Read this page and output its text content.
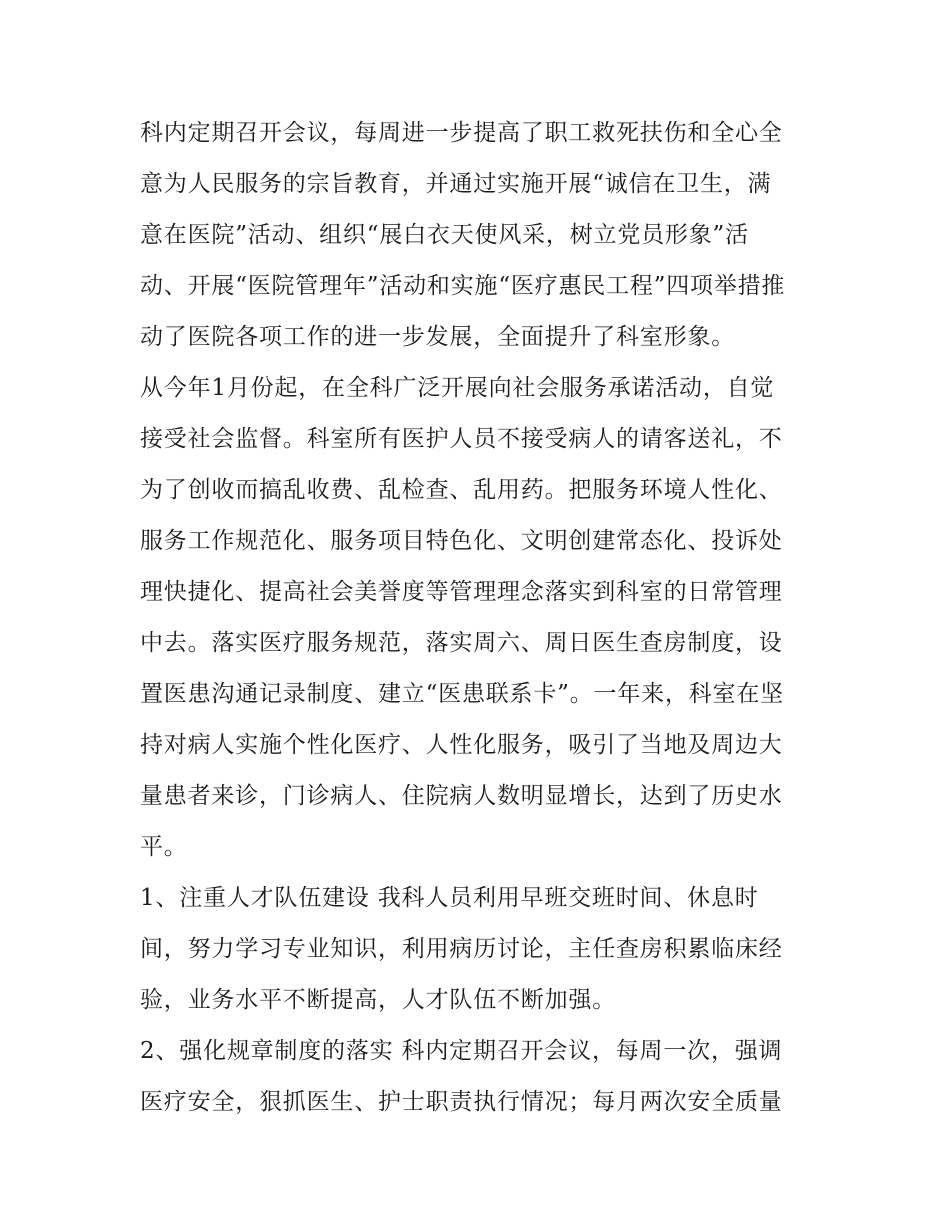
科内定期召开会议，每周进一步提高了职工救死扶伤和全心全

意为人民服务的宗旨教育，并通过实施开展“诚信在卫生，满

意在医院”活动、组织“展白衣天使风采，树立党员形象”活

动、开展“医院管理年”活动和实施“医疗惠民工程”四项举措推

动了医院各项工作的进一步发展，全面提升了科室形象。

从今年1月份起，在全科广泛开展向社会服务承诺活动，自觉

接受社会监督。科室所有医护人员不接受病人的请客送礼，不

为了创收而搞乱收费、乱检查、乱用药。把服务环境人性化、

服务工作规范化、服务项目特色化、文明创建常态化、投诉处

理快捷化、提高社会美誉度等管理理念落实到科室的日常管理

中去。落实医疗服务规范，落实周六、周日医生查房制度，设

置医患沟通记录制度、建立“医患联系卡”。一年来，科室在坚

持对病人实施个性化医疗、人性化服务，吸引了当地及周边大

量患者来诊，门诊病人、住院病人数明显增长，达到了历史水

平。

1、注重人才队伍建设 我科人员利用早班交班时间、休息时

间，努力学习专业知识，利用病历讨论，主任查房积累临床经

验，业务水平不断提高，人才队伍不断加强。

2、强化规章制度的落实 科内定期召开会议，每周一次，强调

医疗安全，狠抓医生、护士职责执行情况；每月两次安全质量
